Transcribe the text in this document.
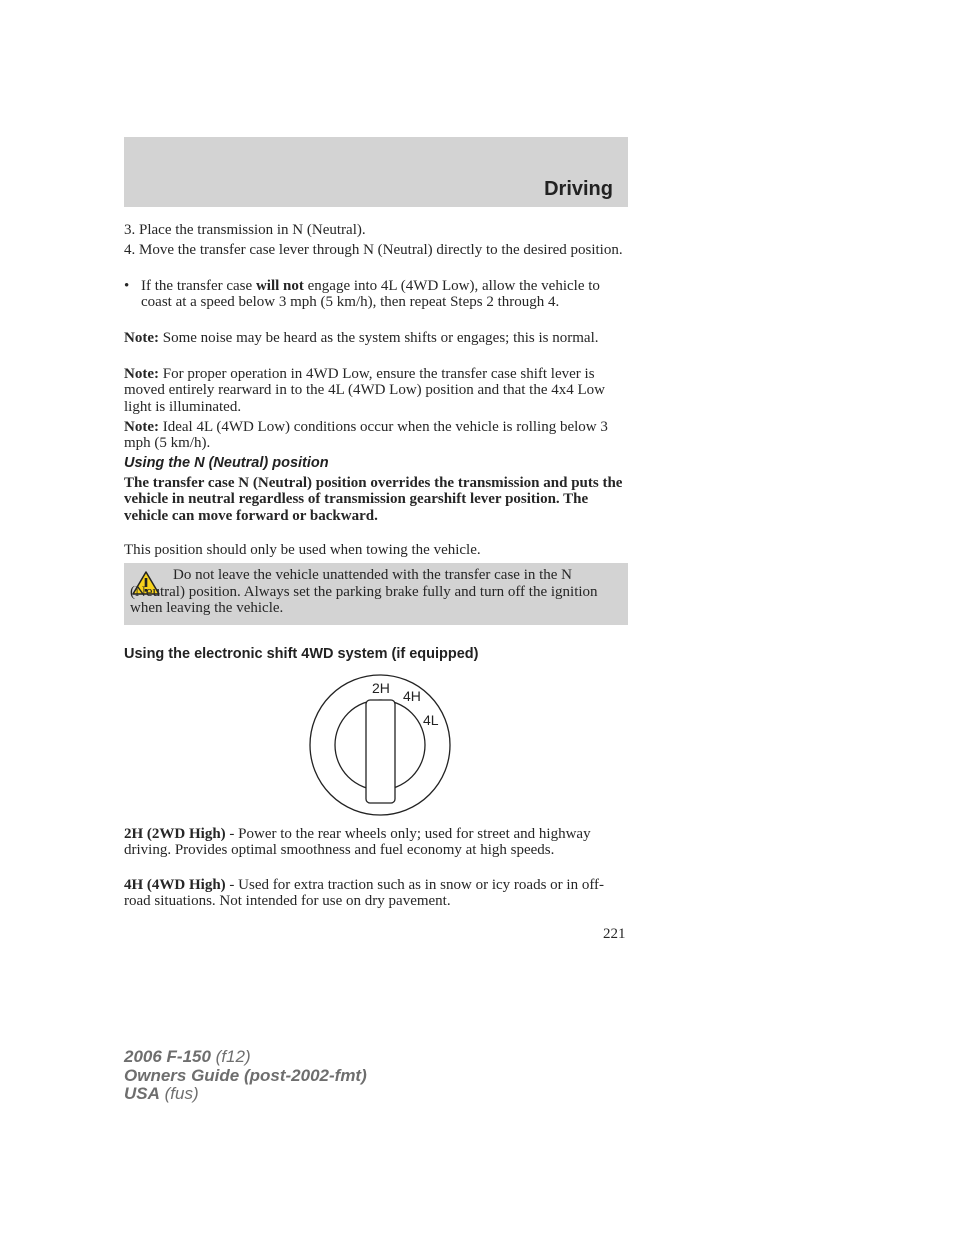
Driving

3. Place the transmission in N (Neutral).

4. Move the transfer case lever through N (Neutral) directly to the desired position.

• If the transfer case will not engage into 4L (4WD Low), allow the vehicle to coast at a speed below 3 mph (5 km/h), then repeat Steps 2 through 4.

Note: Some noise may be heard as the system shifts or engages; this is normal.

Note: For proper operation in 4WD Low, ensure the transfer case shift lever is moved entirely rearward in to the 4L (4WD Low) position and that the 4x4 Low light is illuminated.

Note: Ideal 4L (4WD Low) conditions occur when the vehicle is rolling below 3 mph (5 km/h).

Using the N (Neutral) position

The transfer case N (Neutral) position overrides the transmission and puts the vehicle in neutral regardless of transmission gearshift lever position. The vehicle can move forward or backward.

This position should only be used when towing the vehicle.

Do not leave the vehicle unattended with the transfer case in the N (Neutral) position. Always set the parking brake fully and turn off the ignition when leaving the vehicle.
Using the electronic shift 4WD system (if equipped)
2H 4H
4L

2H (2WD High) - Power to the rear wheels only; used for street and highway driving. Provides optimal smoothness and fuel economy at high speeds.

4H (4WD High) - Used for extra traction such as in snow or icy roads or in off-road situations. Not intended for use on dry pavement.

221
2006 F-150 (f12)
Owners Guide (post-2002-fmt)
USA (fus)
